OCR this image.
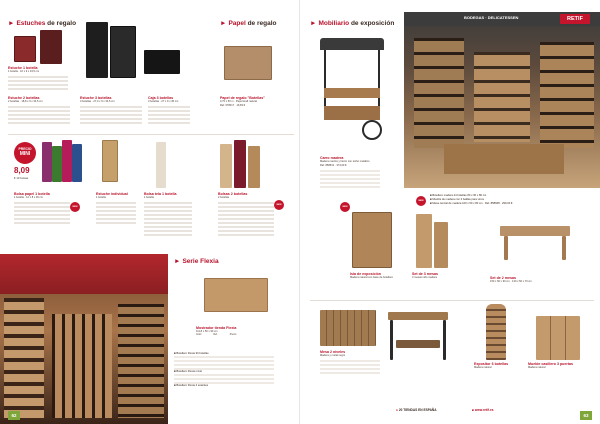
► Estuches de regalo
Estuche 1 botella
1 botella · 10 x 9 x 34,5 cm
Estuche 2 botellas
2 botellas · 18,8 x 9 x 34,5 cm
Estuche 3 botellas
3 botellas · 27,3 x 9 x 34,5 cm
Caja 3 botellas
3 botellas · 27 x 9 x 35 cm
► Papel de regalo
Papel de regalo "Botellas"
0,70 x 50 m · Papel kraft natural
Ref. 678017 · 19,83 €
PRECIO
MINI
8,09
€ 10 bolsas
Bolsa papel 1 botella
1 botella · 12 x 8 x 36 cm
NEW
Estuche individual
1 botella
Bolsa tela 1 botella
1 botella
Bolsas 2 botellas
2 botellas
NEW
► Serie Flexia
Mostrador tienda Flexia
111,8 x 50 x 90 cm
Color	Ref.	Precio
■ Botellero Flexia 30 botellas
■ Botellero Flexia mixto
■ Botellero Flexia 4 estantes
62
► Mobiliario de exposición
Carro madera
Madera maciza y hierro con techo metálico
Ref. 858531 · 374,00 €
BODEGAS · DELICATESSEN	RETIF
■ Botellero madera 24 botellas 80 x 30 x 80 cm
■ Mueble de madera con 3 baldas para vinos
■ Mesa central de madera 100 x 50 x 80 cm · Ref. 858668 · 299,00 €
NEW
NEW
Isla de exposición
Madera natural con base de botellero
Set de 3 mesas
3 mesas nido madera	Set de 2 mesas
150 x 60 x 90 cm · 130 x 50 x 70 cm
Mesa 2 niveles
Madera y metal negro
Expositor 6 botellas
Madera natural
Mueble casillero 3 puertas
Madera natural
● 20 TIENDAS EN ESPAÑA	■ www.retif.es
63
